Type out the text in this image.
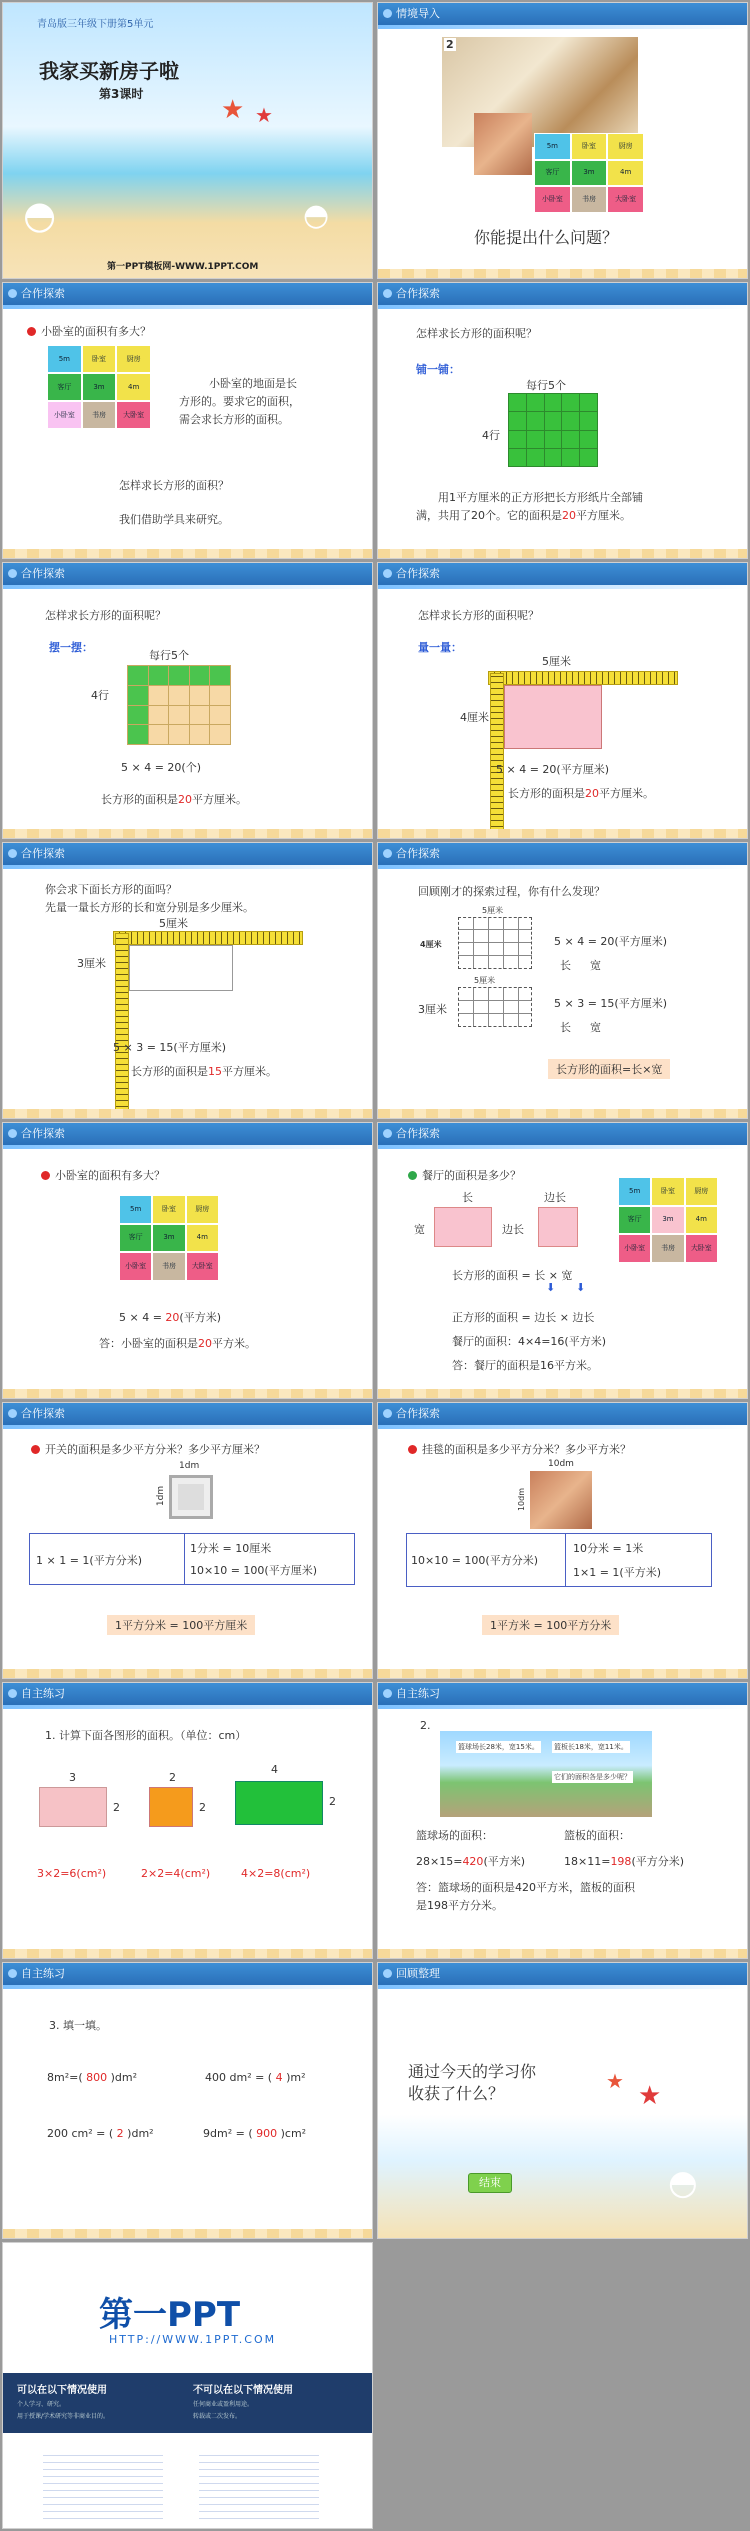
青岛版三年级下册第5单元
我家买新房子啦
第3课时
★ ★
◓	◓
第一PPT模板网-WWW.1PPT.COM
情境导入
2
5m	卧室	厨房
客厅	3m	4m
小卧室	书房	大卧室
你能提出什么问题？
合作探索
小卧室的面积有多大？
5m	卧室	厨房
客厅	3m	4m
小卧室	书房	大卧室
小卧室的地面是长
方形的。要求它的面积，
需会求长方形的面积。
怎样求长方形的面积？
我们借助学具来研究。
合作探索
怎样求长方形的面积呢？
铺一铺：
每行5个
4行
用1平方厘米的正方形把长方形纸片全部铺
满，共用了20个。它的面积是20平方厘米。
合作探索
怎样求长方形的面积呢？
摆一摆：
每行5个
4行
5 × 4 = 20(个)
长方形的面积是20平方厘米。
合作探索
怎样求长方形的面积呢？
量一量：
5厘米
4厘米
5 × 4 = 20(平方厘米)
长方形的面积是20平方厘米。
合作探索
你会求下面长方形的面吗？
先量一量长方形的长和宽分别是多少厘米。
5厘米
3厘米
5 × 3 = 15(平方厘米)
长方形的面积是15平方厘米。
合作探索
回顾刚才的探索过程，你有什么发现？
5厘米
4厘米	5 × 4 = 20(平方厘米)
长 宽
5厘米
3厘米	5 × 3 = 15(平方厘米)
长 宽
长方形的面积=长×宽
合作探索
小卧室的面积有多大？
5m	卧室	厨房
客厅	3m	4m
小卧室	书房	大卧室
5 × 4 = 20(平方米)
答：小卧室的面积是20平方米。
合作探索
餐厅的面积是多少？
长
宽
边长
边长
5m	卧室	厨房
客厅	3m	4m
小卧室	书房	大卧室
长方形的面积 = 长 × 宽
⬇ ⬇
正方形的面积 = 边长 × 边长
餐厅的面积：4×4=16(平方米)
答：餐厅的面积是16平方米。
合作探索
开关的面积是多少平方分米？多少平方厘米？
1dm
1dm
1 × 1 = 1(平方分米)
1分米 = 10厘米
10×10 = 100(平方厘米)
1平方分米 = 100平方厘米
合作探索
挂毯的面积是多少平方分米？多少平方米？
10dm
10dm
10×10 = 100(平方分米)
10分米 = 1米
1×1 = 1(平方米)
1平方米 = 100平方分米
自主练习
1. 计算下面各图形的面积。（单位：cm）
3
2
2
2
4
2
3×2=6(cm²)	2×2=4(cm²)	4×2=8(cm²)
自主练习
2.
篮球场长28米，宽15米。 篮板长18米，宽11米。
它们的面积各是多少呢？
篮球场的面积：	篮板的面积：
28×15=420(平方米)	18×11=198(平方分米)
答：篮球场的面积是420平方米，篮板的面积
是198平方分米。
自主练习
3. 填一填。
8m²=( 800 )dm²	400 dm² = ( 4 )m²
200 cm² = ( 2 )dm²	9dm² = ( 900 )cm²
回顾整理
通过今天的学习你
收获了什么？
★ ★
结束	◓
第一PPT
HTTP://WWW.1PPT.COM
可以在以下情况使用
个人学习、研究。
用于授课/学术研究等非商业目的。
不可以在以下情况使用
任何商业或盈利用途。
转载或二次发布。
